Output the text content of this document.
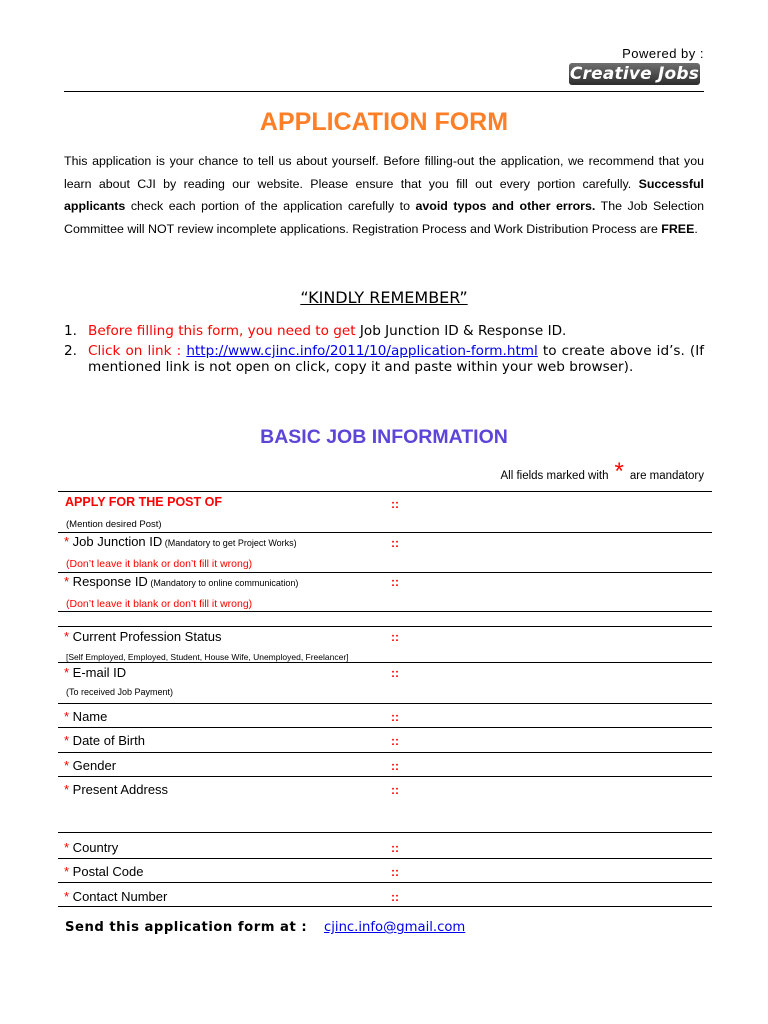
Powered by :
Creative Jobs
APPLICATION FORM
This application is your chance to tell us about yourself. Before filling-out the application, we recommend that you learn about CJI by reading our website. Please ensure that you fill out every portion carefully. Successful applicants check each portion of the application carefully to avoid typos and other errors. The Job Selection Committee will NOT review incomplete applications. Registration Process and Work Distribution Process are FREE.
“KINDLY REMEMBER”
1. Before filling this form, you need to get Job Junction ID & Response ID.
2. Click on link : http://www.cjinc.info/2011/10/application-form.html to create above id’s. (If mentioned link is not open on click, copy it and paste within your web browser).
BASIC JOB INFORMATION
All fields marked with * are mandatory
APPLY FOR THE POST OF
(Mention desired Post)
::
* Job Junction ID (Mandatory to get Project Works)
(Don’t leave it blank or don’t fill it wrong)
::
* Response ID (Mandatory to online communication)
(Don’t leave it blank or don’t fill it wrong)
::
* Current Profession Status
[Self Employed, Employed, Student, House Wife, Unemployed, Freelancer]
::
* E-mail ID
(To received Job Payment)
::
* Name	::
* Date of Birth	::
* Gender	::
* Present Address	::
* Country	::
* Postal Code	::
* Contact Number	::
Send this application form at : cjinc.info@gmail.com
